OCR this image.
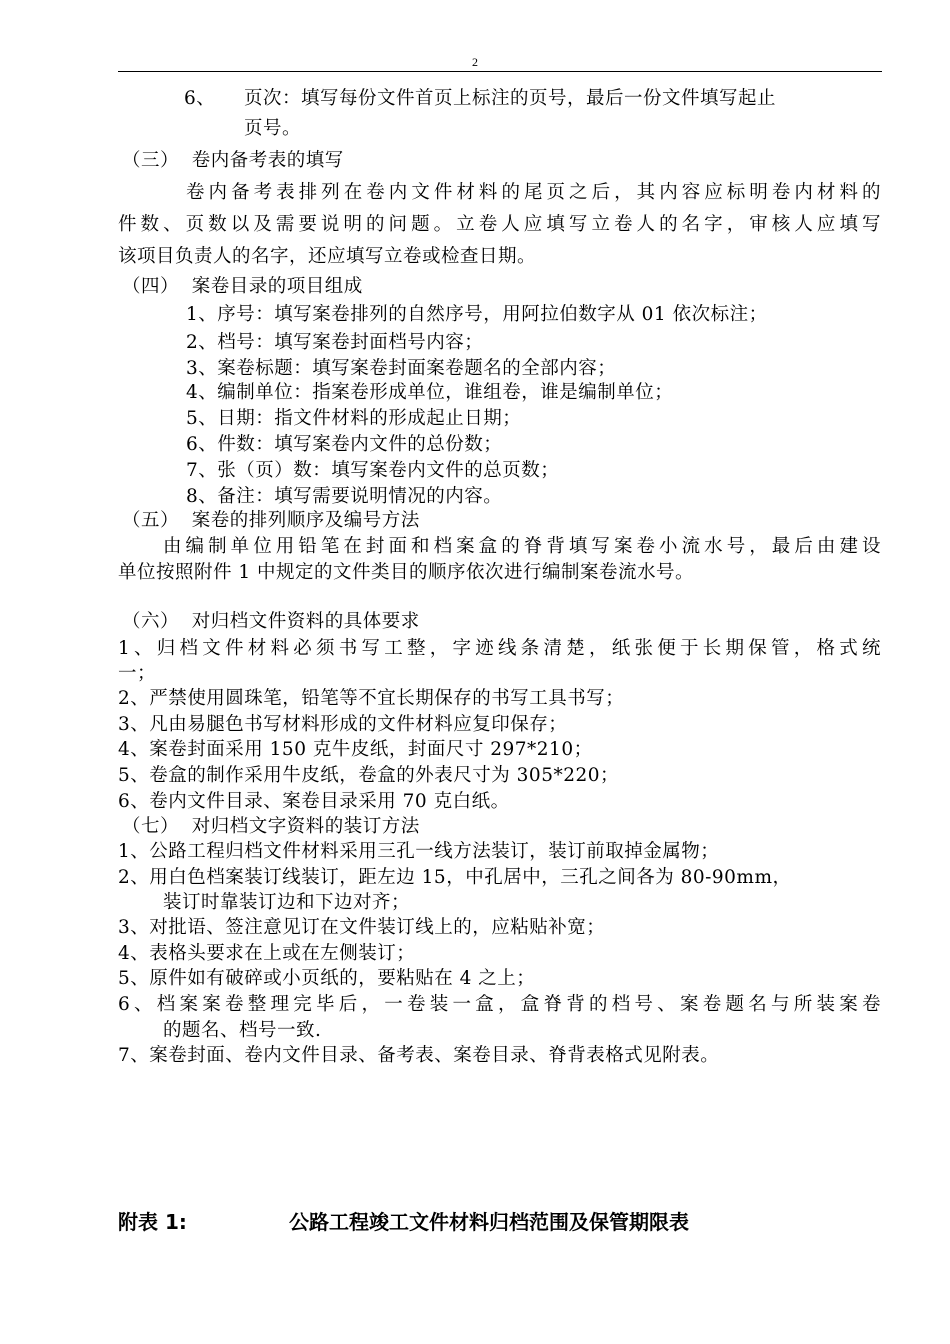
2
6、 页次：填写每份文件首页上标注的页号，最后一份文件填写起止
页号。
（三）  卷内备考表的填写
卷内备考表排列在卷内文件材料的尾页之后，其内容应标明卷内材料的
件数、页数以及需要说明的问题。立卷人应填写立卷人的名字，审核人应填写
该项目负责人的名字，还应填写立卷或检查日期。
（四）  案卷目录的项目组成
1、序号：填写案卷排列的自然序号，用阿拉伯数字从 01 依次标注；
2、档号：填写案卷封面档号内容；
3、案卷标题：填写案卷封面案卷题名的全部内容；
4、编制单位：指案卷形成单位，谁组卷，谁是编制单位；
5、日期：指文件材料的形成起止日期；
6、件数：填写案卷内文件的总份数；
7、张（页）数：填写案卷内文件的总页数；
8、备注：填写需要说明情况的内容。
（五）  案卷的排列顺序及编号方法
由编制单位用铅笔在封面和档案盒的脊背填写案卷小流水号，最后由建设
单位按照附件 1 中规定的文件类目的顺序依次进行编制案卷流水号。
（六）  对归档文件资料的具体要求
1、归档文件材料必须书写工整，字迹线条清楚，纸张便于长期保管，格式统
一；
2、严禁使用圆珠笔，铅笔等不宜长期保存的书写工具书写；
3、凡由易腿色书写材料形成的文件材料应复印保存；
4、案卷封面采用 150 克牛皮纸，封面尺寸 297*210；
5、卷盒的制作采用牛皮纸，卷盒的外表尺寸为 305*220；
6、卷内文件目录、案卷目录采用 70 克白纸。
（七）  对归档文字资料的装订方法
1、公路工程归档文件材料采用三孔一线方法装订，装订前取掉金属物；
2、用白色档案装订线装订，距左边 15，中孔居中，三孔之间各为 80-90mm，
装订时靠装订边和下边对齐；
3、对批语、签注意见订在文件装订线上的，应粘贴补宽；
4、表格头要求在上或在左侧装订；
5、原件如有破碎或小页纸的，要粘贴在 4 之上；
6、档案案卷整理完毕后，一卷装一盒，盒脊背的档号、案卷题名与所装案卷
的题名、档号一致.
7、案卷封面、卷内文件目录、备考表、案卷目录、脊背表格式见附表。
附表 1:	公路工程竣工文件材料归档范围及保管期限表
